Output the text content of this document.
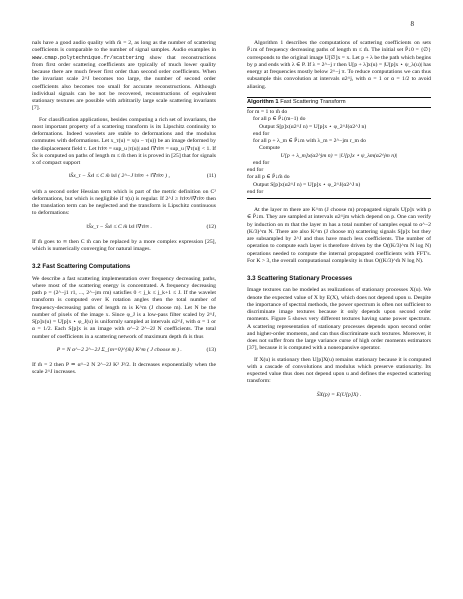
8

nals have a good audio quality with m̄ = 2, as long as the number of scattering coefficients is comparable to the number of signal samples. Audio examples in www.cmap.polytechnique.fr/scattering show that reconstructions from first order scattering coefficients are typically of much lower quality because there are much fewer first order than second order coefficients. When the invariant scale 2^J becomes too large, the number of second order coefficients also becomes too small for accurate reconstructions. Although individual signals can be not be recovered, reconstructions of equivalent stationary textures are possible with arbitrarily large scale scattering invariants [7].

For classification applications, besides computing a rich set of invariants, the most important property of a scattering transform is its Lipschitz continuity to deformations. Indeed wavelets are stable to deformations and the modulus commutes with deformations. Let x_τ(u) = x(u − τ(u)) be an image deformed by the displacement field τ. Let ‖τ‖∞ = sup_u |τ(u)| and ‖∇τ‖∞ = sup_u |∇τ(u)| < 1. If S̄x is computed on paths of length m ≤ m̄ then it is proved in [25] that for signals x of compact support

‖S̄x_τ − S̄x‖ ≤ C m̄ ‖x‖ ( 2^−J ‖τ‖∞ + ‖∇τ‖∞ ) ,	(11)

with a second order Hessian term which is part of the metric definition on C² deformations, but which is negligible if τ(u) is regular. If 2^J ≥ ‖τ‖∞/‖∇τ‖∞ then the translation term can be neglected and the transform is Lipschitz continuous to deformations:

‖S̄x_τ − S̄x‖ ≤ C m̄ ‖x‖ ‖∇τ‖∞ .	(12)

If m̄ goes to ∞ then C m̄ can be replaced by a more complex expression [25], which is numerically converging for natural images.

3.2 Fast Scattering Computations

We describe a fast scattering implementation over frequency decreasing paths, where most of the scattering energy is concentrated. A frequency decreasing path p = (2^−j1 r1, ..., 2^−jm rm) satisfies 0 < j_k ≤ j_k+1 ≤ J. If the wavelet transform is computed over K rotation angles then the total number of frequency-decreasing paths of length m is K^m (J choose m). Let N be the number of pixels of the image x. Since φ_J is a low-pass filter scaled by 2^J, S[p]x(u) = U[p]x ⋆ φ_J(u) is uniformly sampled at intervals α2^J, with α = 1 or α = 1/2. Each S[p]x is an image with α^−2 2^−2J N coefficients. The total number of coefficients in a scattering network of maximum depth m̄ is thus

P = N α^−2 2^−2J Σ_{m=0}^{m̄} K^m ( J choose m ) .	(13)

If m̄ = 2 then P ≃ α^−2 N 2^−2J K² J²/2. It decreases exponentially when the scale 2^J increases.

Algorithm 1 describes the computations of scattering coefficients on sets P̄↓m of frequency decreasing paths of length m ≤ m̄. The initial set P̄↓0 = {∅} corresponds to the original image U[∅]x = x. Let p + λ be the path which begins by p and ends with λ ∈ P. If λ = 2^−j r then U[p + λ]x(u) = |U[p]x ⋆ ψ_λ(u)| has energy at frequencies mostly below 2^−j π. To reduce computations we can thus subsample this convolution at intervals α2^j, with α = 1 or α = 1/2 to avoid aliasing.

Algorithm 1 Fast Scattering Transform
for m = 1 to m̄ do
for all p ∈ P̄↓(m−1) do
Output S[p]x(α2^J n) = U[p]x ⋆ φ_2^J(α2^J n)
end for
for all p + λ_m ∈ P̄↓m with λ_m = 2^−jm r_m do
Compute
U[p + λ_m]x(α2^jm n) = |U[p]x ⋆ ψ_λm(α2^jm n)|
end for
end for
for all p ∈ P̄↓m̄ do
Output S[p]x(α2^J n) = U[p]x ⋆ φ_2^J(α2^J n)
end for

At the layer m there are K^m (J choose m) propagated signals U[p]x with p ∈ P̄↓m. They are sampled at intervals α2^jm which depend on p. One can verify by induction on m that the layer m has a total number of samples equal to α^−2 (K/3)^m N. There are also K^m (J choose m) scattering signals S[p]x but they are subsampled by 2^J and thus have much less coefficients. The number of operation to compute each layer is therefore driven by the O((K/3)^m N log N) operations needed to compute the internal propagated coefficients with FFT's. For K > 3, the overall computational complexity is thus O((K/3)^m̄ N log N).

3.3 Scattering Stationary Processes

Image textures can be modeled as realizations of stationary processes X(u). We denote the expected value of X by E(X), which does not depend upon u. Despite the importance of spectral methods, the power spectrum is often not sufficient to discriminate image textures because it only depends upon second order moments. Figure 5 shows very different textures having same power spectrum. A scattering representation of stationary processes depends upon second order and higher-order moments, and can thus discriminate such textures. Moreover, it does not suffer from the large variance curse of high order moments estimators [37], because it is computed with a nonexpansive operator.

If X(u) is stationary then U[p]X(u) remains stationary because it is computed with a cascade of convolutions and modulus which preserve stationarity. Its expected value thus does not depend upon u and defines the expected scattering transform:

S̄X(p) = E(U[p]X) .
